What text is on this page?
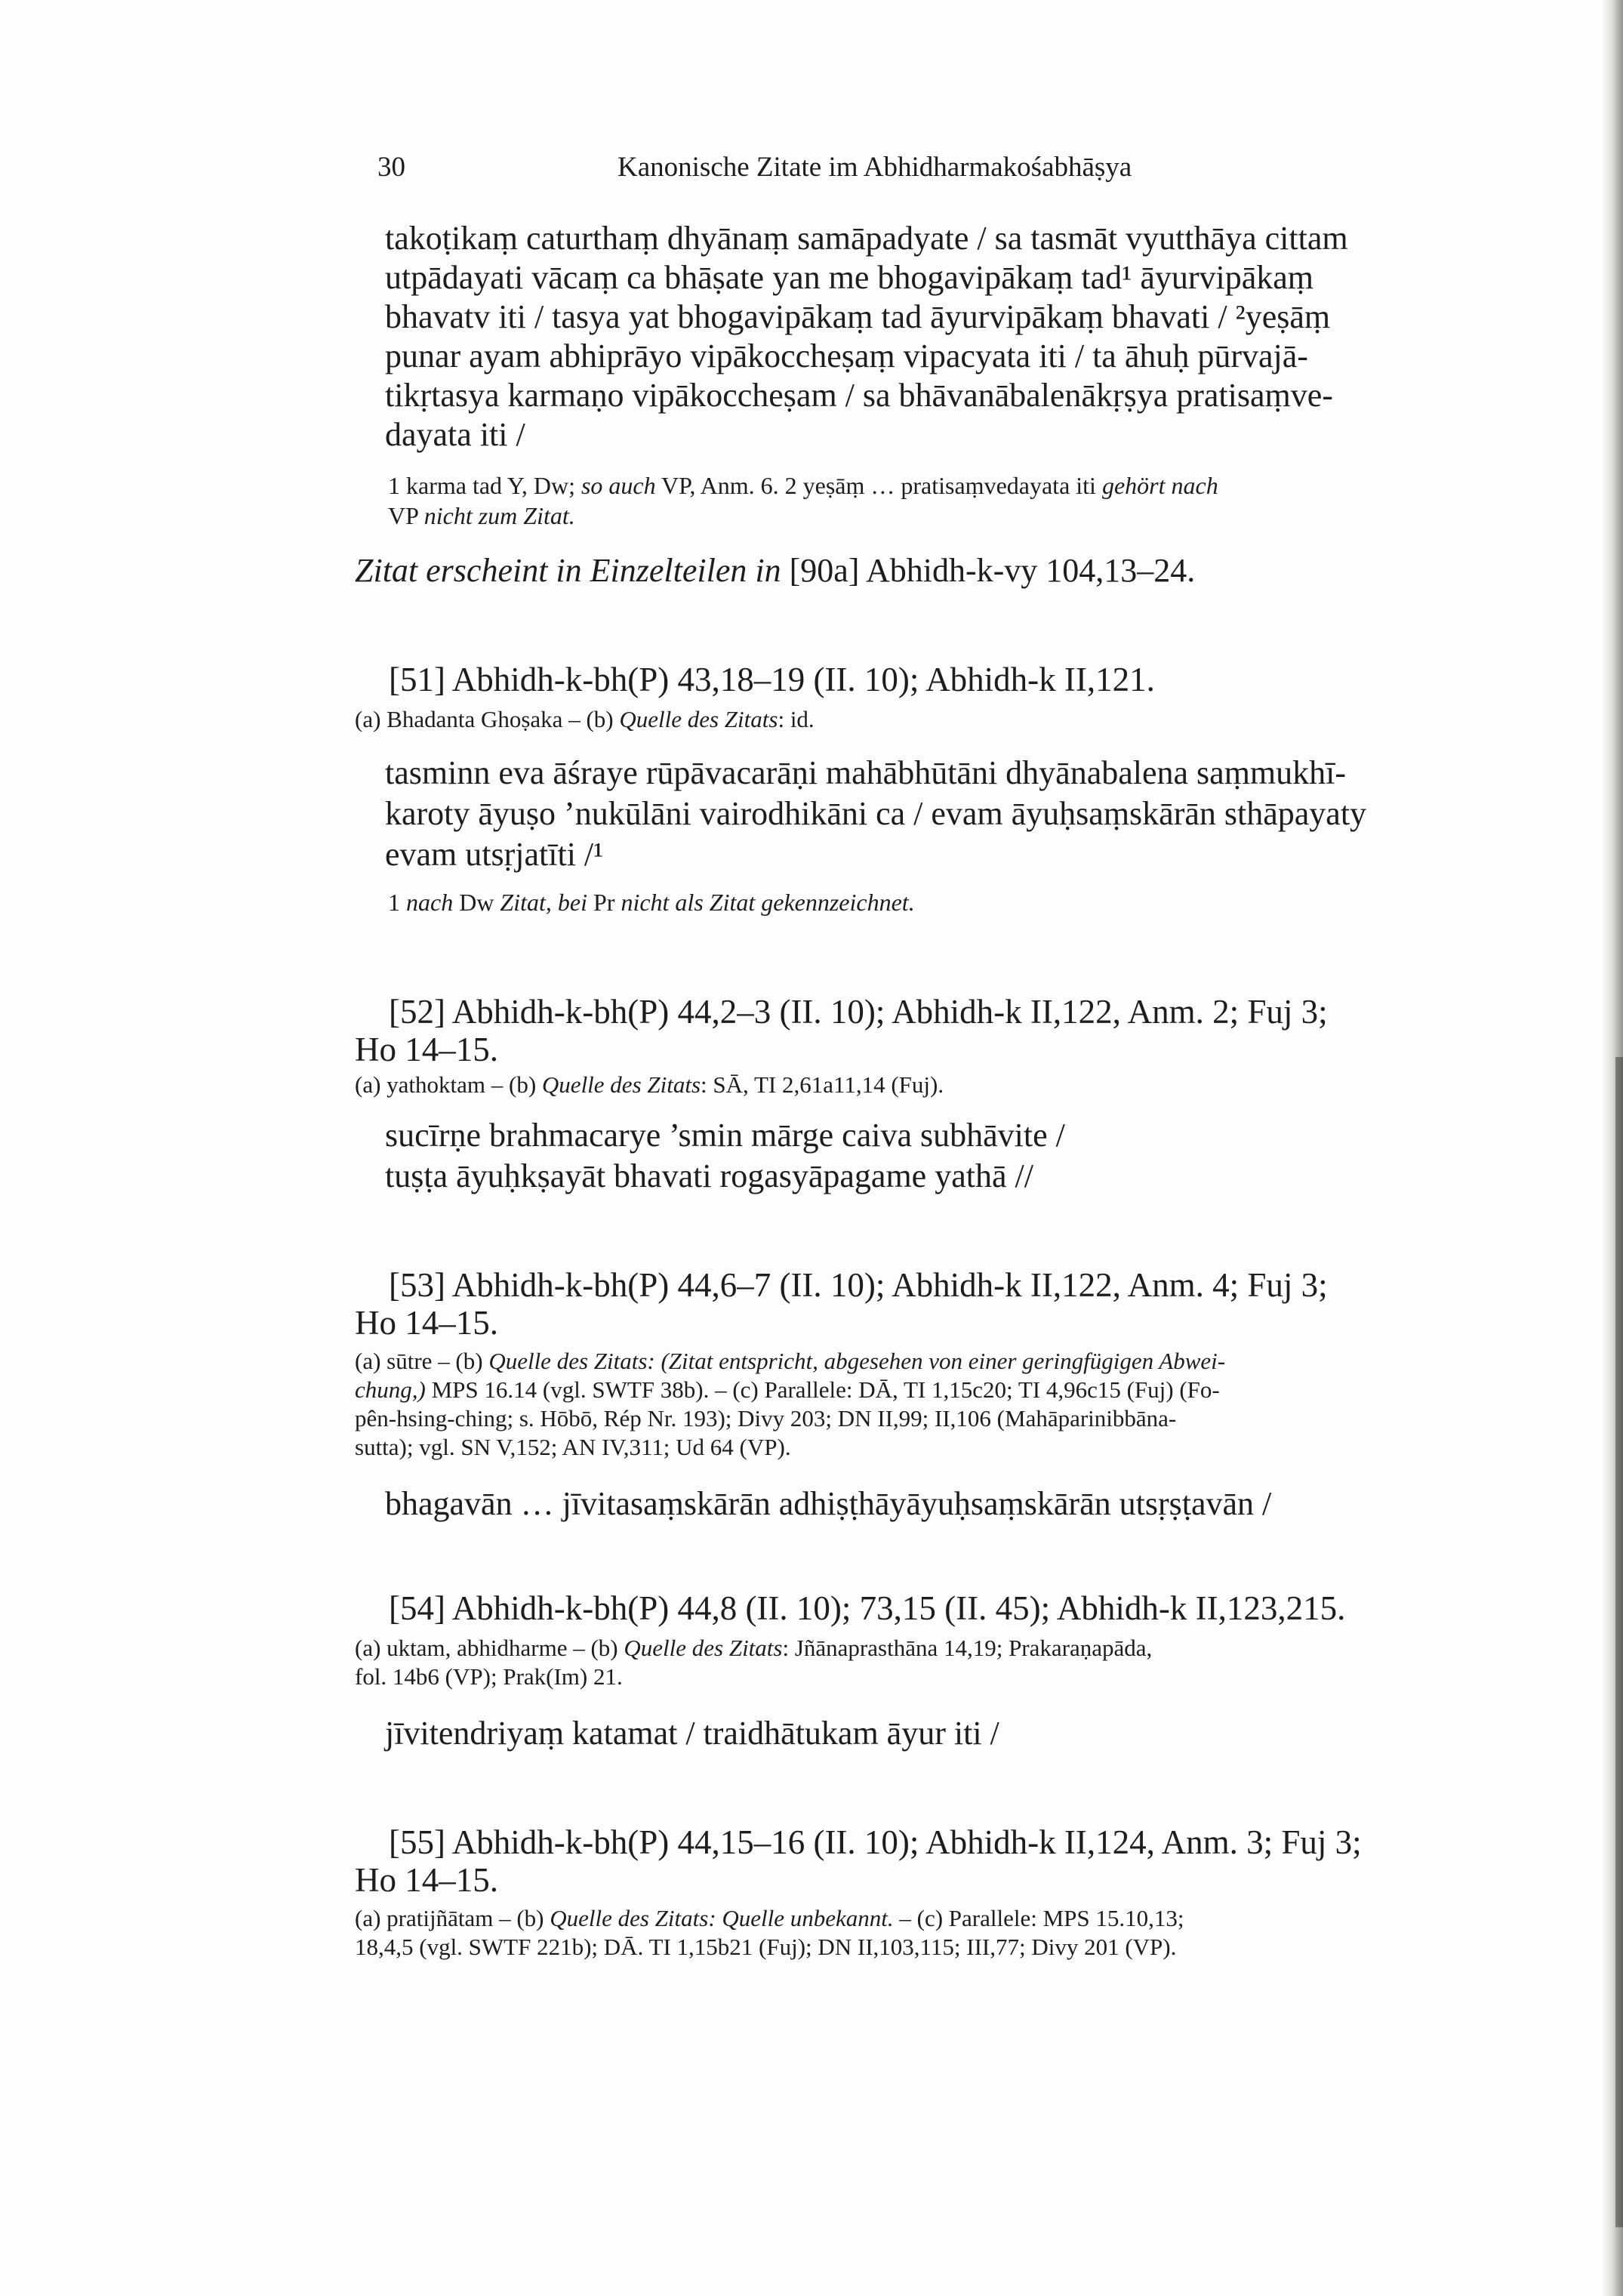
30	Kanonische Zitate im Abhidharmakośabhāṣya
takoṭikaṃ caturthaṃ dhyānaṃ samāpadyate / sa tasmāt vyutthāya cittam
utpādayati vācaṃ ca bhāṣate yan me bhogavipākaṃ tad¹ āyurvipākaṃ
bhavatv iti / tasya yat bhogavipākaṃ tad āyurvipākaṃ bhavati / ²yeṣāṃ
punar ayam abhiprāyo vipākoccheṣaṃ vipacyata iti / ta āhuḥ pūrvajā-
tikṛtasya karmaṇo vipākoccheṣam / sa bhāvanābalenākṛṣya pratisaṃve-
dayata iti /
1 karma tad Y, Dw; so auch VP, Anm. 6. 2 yeṣāṃ … pratisaṃvedayata iti gehört nach
VP nicht zum Zitat.
Zitat erscheint in Einzelteilen in [90a] Abhidh-k-vy 104,13–24.
[51] Abhidh-k-bh(P) 43,18–19 (II. 10); Abhidh-k II,121.
(a) Bhadanta Ghoṣaka – (b) Quelle des Zitats: id.
tasminn eva āśraye rūpāvacarāṇi mahābhūtāni dhyānabalena saṃmukhī-
karoty āyuṣo ’nukūlāni vairodhikāni ca / evam āyuḥsaṃskārān sthāpayaty
evam utsṛjatīti /¹
1 nach Dw Zitat, bei Pr nicht als Zitat gekennzeichnet.
[52] Abhidh-k-bh(P) 44,2–3 (II. 10); Abhidh-k II,122, Anm. 2; Fuj 3;
Ho 14–15.
(a) yathoktam – (b) Quelle des Zitats: SĀ, TI 2,61a11,14 (Fuj).
sucīrṇe brahmacarye ’smin mārge caiva subhāvite /
tuṣṭa āyuḥkṣayāt bhavati rogasyāpagame yathā //
[53] Abhidh-k-bh(P) 44,6–7 (II. 10); Abhidh-k II,122, Anm. 4; Fuj 3;
Ho 14–15.
(a) sūtre – (b) Quelle des Zitats: (Zitat entspricht, abgesehen von einer geringfügigen Abwei-
chung,) MPS 16.14 (vgl. SWTF 38b). – (c) Parallele: DĀ, TI 1,15c20; TI 4,96c15 (Fuj) (Fo-
pên-hsing-ching; s. Hōbō, Rép Nr. 193); Divy 203; DN II,99; II,106 (Mahāparinibbāna-
sutta); vgl. SN V,152; AN IV,311; Ud 64 (VP).
bhagavān … jīvitasaṃskārān adhiṣṭhāyāyuḥsaṃskārān utsṛṣṭavān /
[54] Abhidh-k-bh(P) 44,8 (II. 10); 73,15 (II. 45); Abhidh-k II,123,215.
(a) uktam, abhidharme – (b) Quelle des Zitats: Jñānaprasthāna 14,19; Prakaraṇapāda,
fol. 14b6 (VP); Prak(Im) 21.
jīvitendriyaṃ katamat / traidhātukam āyur iti /
[55] Abhidh-k-bh(P) 44,15–16 (II. 10); Abhidh-k II,124, Anm. 3; Fuj 3;
Ho 14–15.
(a) pratijñātam – (b) Quelle des Zitats: Quelle unbekannt. – (c) Parallele: MPS 15.10,13;
18,4,5 (vgl. SWTF 221b); DĀ. TI 1,15b21 (Fuj); DN II,103,115; III,77; Divy 201 (VP).
